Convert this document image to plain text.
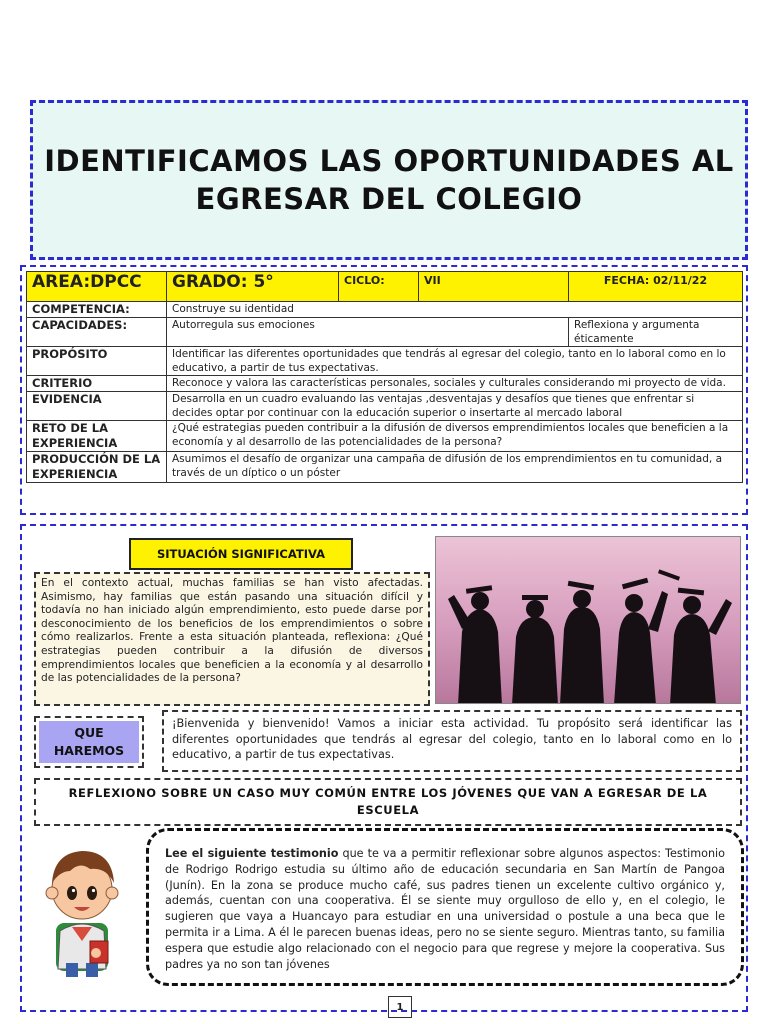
IDENTIFICAMOS LAS OPORTUNIDADES AL
EGRESAR DEL COLEGIO
AREA:DPCC	GRADO: 5°	CICLO:	VII	FECHA: 02/11/22
COMPETENCIA:	Construye su identidad			
CAPACIDADES:	Autorregula sus emociones			Reflexiona y argumenta éticamente
PROPÓSITO	Identificar las diferentes oportunidades que tendrás al egresar del colegio, tanto en lo laboral como en lo educativo, a partir de tus expectativas.			
CRITERIO	Reconoce y valora las características personales, sociales y culturales considerando mi proyecto de vida.			
EVIDENCIA	Desarrolla en un cuadro evaluando las ventajas ,desventajas y desafíos que tienes que enfrentar si decides optar por continuar con la educación superior o insertarte al mercado laboral			
RETO DE LA EXPERIENCIA	¿Qué estrategias pueden contribuir a la difusión de diversos emprendimientos locales que beneficien a la economía y al desarrollo de las potencialidades de la persona?			
PRODUCCIÓN DE LA EXPERIENCIA	Asumimos el desafío de organizar una campaña de difusión de los emprendimientos en tu comunidad, a través de un díptico o un póster			
SITUACIÓN SIGNIFICATIVA
En el contexto actual, muchas familias se han visto afectadas. Asimismo, hay familias que están pasando una situación difícil y todavía no han iniciado algún emprendimiento, esto puede darse por desconocimiento de los beneficios de los emprendimientos o sobre cómo realizarlos. Frente a esta situación planteada, reflexiona: ¿Qué estrategias pueden contribuir a la difusión de diversos emprendimientos locales que beneficien a la economía y al desarrollo de las potencialidades de la persona?
QUE
HAREMOS
¡Bienvenida y bienvenido! Vamos a iniciar esta actividad. Tu propósito será identificar las diferentes oportunidades que tendrás al egresar del colegio, tanto en lo laboral como en lo educativo, a partir de tus expectativas.
REFLEXIONO SOBRE UN CASO MUY COMÚN ENTRE LOS JÓVENES QUE VAN A EGRESAR DE LA ESCUELA
Lee el siguiente testimonio que te va a permitir reflexionar sobre algunos aspectos: Testimonio de Rodrigo Rodrigo estudia su último año de educación secundaria en San Martín de Pangoa (Junín). En la zona se produce mucho café, sus padres tienen un excelente cultivo orgánico y, además, cuentan con una cooperativa. Él se siente muy orgulloso de ello y, en el colegio, le sugieren que vaya a Huancayo para estudiar en una universidad o postule a una beca que le permita ir a Lima. A él le parecen buenas ideas, pero no se siente seguro. Mientras tanto, su familia espera que estudie algo relacionado con el negocio para que regrese y mejore la cooperativa. Sus padres ya no son tan jóvenes
1
